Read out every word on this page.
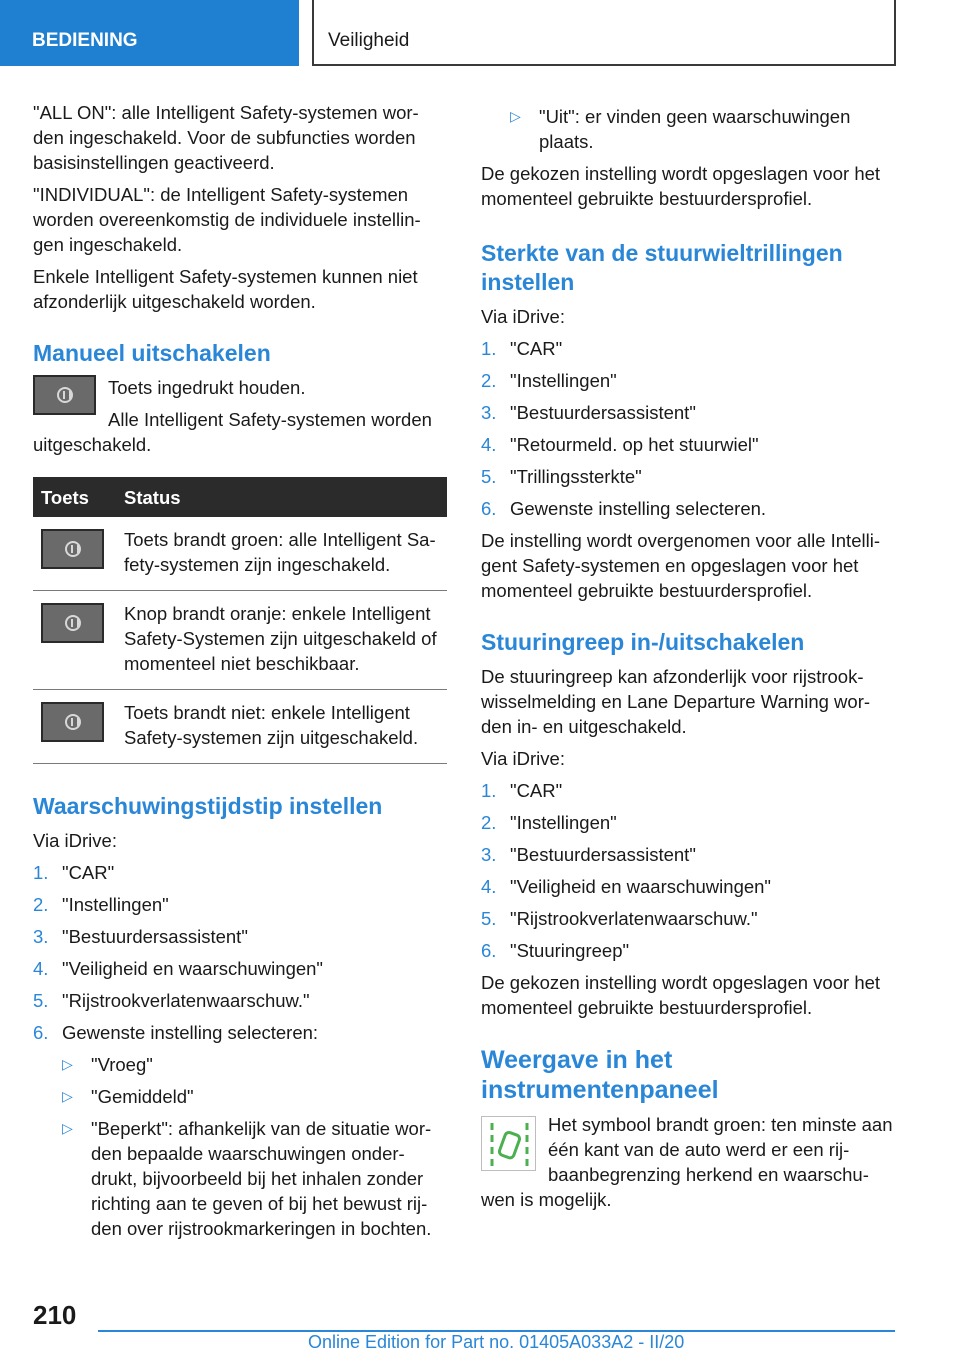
BEDIENING	Veiligheid

"ALL ON": alle Intelligent Safety-systemen wor-den ingeschakeld. Voor de subfuncties worden basisinstellingen geactiveerd.

"INDIVIDUAL": de Intelligent Safety-systemen worden overeenkomstig de individuele instellin-gen ingeschakeld.

Enkele Intelligent Safety-systemen kunnen niet afzonderlijk uitgeschakeld worden.

Manueel uitschakelen

Toets ingedrukt houden.

Alle Intelligent Safety-systemen worden uitgeschakeld.

Toets	Status

	Toets brandt groen: alle Intelligent Sa-fety-systemen zijn ingeschakeld.

	Knop brandt oranje: enkele Intelligent Safety-Systemen zijn uitgeschakeld of momenteel niet beschikbaar.

	Toets brandt niet: enkele Intelligent Safety-systemen zijn uitgeschakeld.
Waarschuwingstijdstip instellen

Via iDrive:

1. "CAR"
2. "Instellingen"
3. "Bestuurdersassistent"
4. "Veiligheid en waarschuwingen"
5. "Rijstrookverlatenwaarschuw."
6. Gewenste instelling selecteren:
▷ "Vroeg"
▷ "Gemiddeld"
▷ "Beperkt": afhankelijk van de situatie wor-den bepaalde waarschuwingen onder-drukt, bijvoorbeeld bij het inhalen zonder richting aan te geven of bij het bewust rij-den over rijstrookmarkeringen in bochten.
▷ "Uit": er vinden geen waarschuwingen plaats.

De gekozen instelling wordt opgeslagen voor het momenteel gebruikte bestuurdersprofiel.

Sterkte van de stuurwieltrillingen instellen

Via iDrive:

1. "CAR"
2. "Instellingen"
3. "Bestuurdersassistent"
4. "Retourmeld. op het stuurwiel"
5. "Trillingssterkte"
6. Gewenste instelling selecteren.

De instelling wordt overgenomen voor alle Intelli-gent Safety-systemen en opgeslagen voor het momenteel gebruikte bestuurdersprofiel.

Stuuringreep in-/uitschakelen

De stuuringreep kan afzonderlijk voor rijstrook-wisselmelding en Lane Departure Warning wor-den in- en uitgeschakeld.

Via iDrive:

1. "CAR"
2. "Instellingen"
3. "Bestuurdersassistent"
4. "Veiligheid en waarschuwingen"
5. "Rijstrookverlatenwaarschuw."
6. "Stuuringreep"

De gekozen instelling wordt opgeslagen voor het momenteel gebruikte bestuurdersprofiel.

Weergave in het instrumentenpaneel

Het symbool brandt groen: ten minste aan één kant van de auto werd er een rij-baanbegrenzing herkend en waarschu-wen is mogelijk.

210
Online Edition for Part no. 01405A033A2 - II/20
